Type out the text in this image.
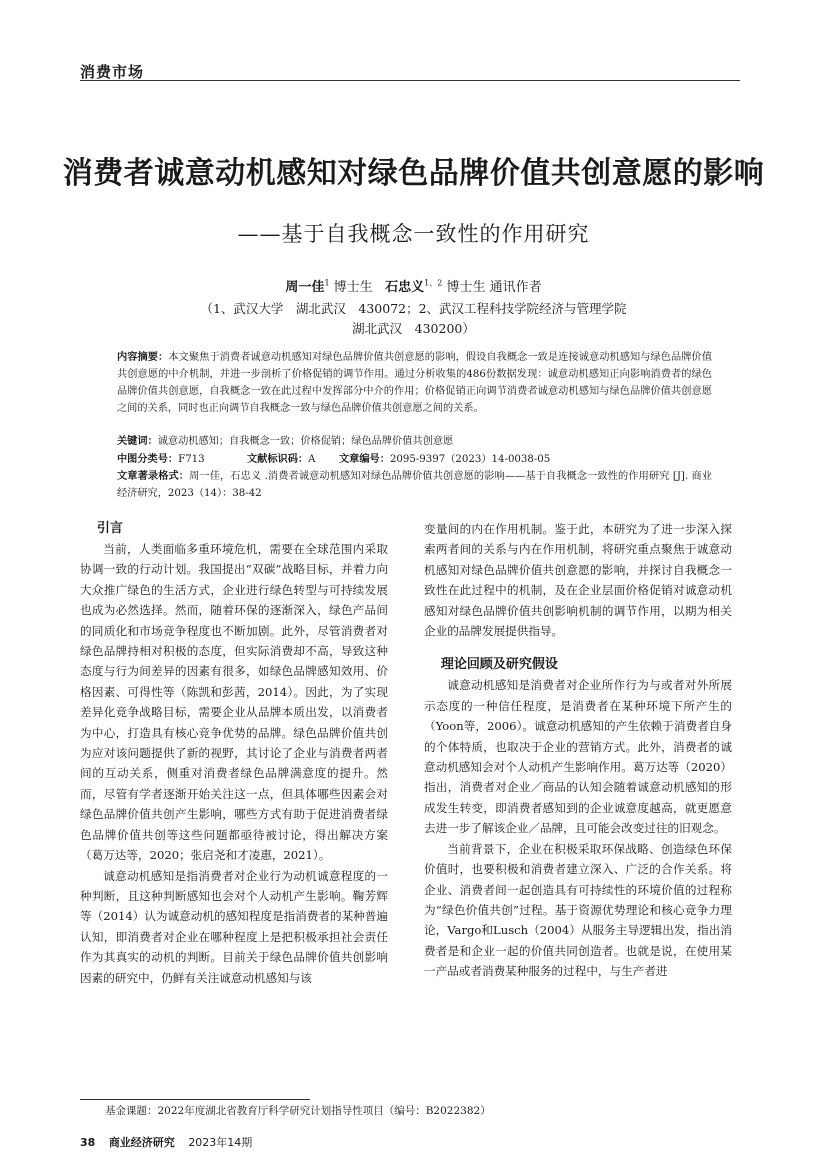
消费市场
消费者诚意动机感知对绿色品牌价值共创意愿的影响
——基于自我概念一致性的作用研究
周一佳$^1$ 博士生 石忠义$^{1、2}$ 博士生 通讯作者
（1、武汉大学　湖北武汉　430072；2、武汉工程科技学院经济与管理学院
湖北武汉　430200）
内容摘要：本文聚焦于消费者诚意动机感知对绿色品牌价值共创意愿的影响，假设自我概念一致是连接诚意动机感知与绿色品牌价值共创意愿的中介机制，并进一步剖析了价格促销的调节作用。通过分析收集的486份数据发现：诚意动机感知正向影响消费者的绿色品牌价值共创意愿，自我概念一致在此过程中发挥部分中介的作用；价格促销正向调节消费者诚意动机感知与绿色品牌价值共创意愿之间的关系，同时也正向调节自我概念一致与绿色品牌价值共创意愿之间的关系。
关键词：诚意动机感知；自我概念一致；价格促销；绿色品牌价值共创意愿
中图分类号：F713	文献标识码：A 文章编号：2095-9397（2023）14-0038-05
文章著录格式：周一佳，石忠义 .消费者诚意动机感知对绿色品牌价值共创意愿的影响——基于自我概念一致性的作用研究 [J]. 商业经济研究，2023（14）：38-42
引言

当前，人类面临多重环境危机，需要在全球范围内采取协调一致的行动计划。我国提出“双碳”战略目标，并着力向大众推广绿色的生活方式，企业进行绿色转型与可持续发展也成为必然选择。然而，随着环保的逐渐深入，绿色产品间的同质化和市场竞争程度也不断加剧。此外，尽管消费者对绿色品牌持相对积极的态度，但实际消费却不高，导致这种态度与行为间差异的因素有很多，如绿色品牌感知效用、价格因素、可得性等（陈凯和彭茜，2014）。因此，为了实现差异化竞争战略目标，需要企业从品牌本质出发，以消费者为中心，打造具有核心竞争优势的品牌。绿色品牌价值共创为应对该问题提供了新的视野，其讨论了企业与消费者两者间的互动关系，侧重对消费者绿色品牌满意度的提升。然而，尽管有学者逐渐开始关注这一点，但具体哪些因素会对绿色品牌价值共创产生影响，哪些方式有助于促进消费者绿色品牌价值共创等这些问题都亟待被讨论，得出解决方案（葛万达等，2020；张启尧和才凌惠，2021）。

诚意动机感知是指消费者对企业行为动机诚意程度的一种判断，且这种判断感知也会对个人动机产生影响。鞠芳辉等（2014）认为诚意动机的感知程度是指消费者的某种普遍认知，即消费者对企业在哪种程度上是把积极承担社会责任作为其真实的动机的判断。目前关于绿色品牌价值共创影响因素的研究中，仍鲜有关注诚意动机感知与该

变量间的内在作用机制。鉴于此，本研究为了进一步深入探索两者间的关系与内在作用机制，将研究重点聚焦于诚意动机感知对绿色品牌价值共创意愿的影响，并探讨自我概念一致性在此过程中的机制，及在企业层面价格促销对诚意动机感知对绿色品牌价值共创影响机制的调节作用，以期为相关企业的品牌发展提供指导。

理论回顾及研究假设

诚意动机感知是消费者对企业所作行为与或者对外所展示态度的一种信任程度，是消费者在某种环境下所产生的（Yoon等，2006）。诚意动机感知的产生依赖于消费者自身的个体特质，也取决于企业的营销方式。此外，消费者的诚意动机感知会对个人动机产生影响作用。葛万达等（2020）指出，消费者对企业／商品的认知会随着诚意动机感知的形成发生转变，即消费者感知到的企业诚意度越高，就更愿意去进一步了解该企业／品牌，且可能会改变过往的旧观念。

当前背景下，企业在积极采取环保战略、创造绿色环保价值时，也要积极和消费者建立深入、广泛的合作关系。将企业、消费者间一起创造具有可持续性的环境价值的过程称为“绿色价值共创”过程。基于资源优势理论和核心竞争力理论，Vargo和Lusch（2004）从服务主导逻辑出发，指出消费者是和企业一起的价值共同创造者。也就是说，在使用某一产品或者消费某种服务的过程中，与生产者进

基金课题：2022年度湖北省教育厅科学研究计划指导性项目（编号：B2022382）
38 商业经济研究 2023年14期
